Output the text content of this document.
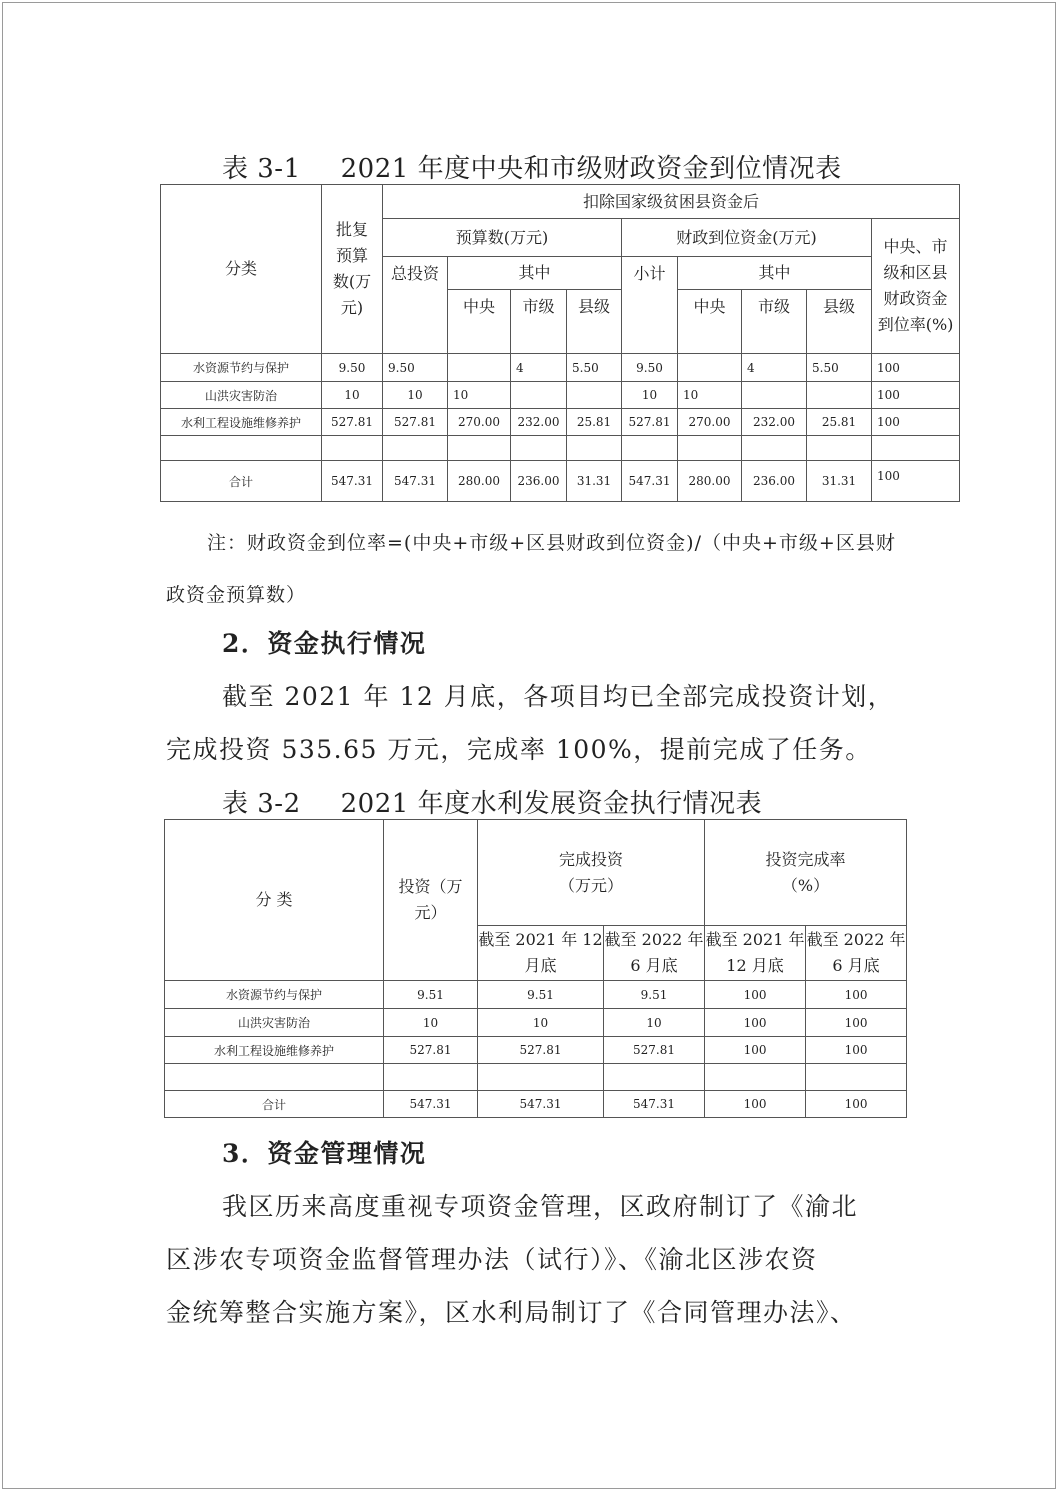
表 3-1 2021 年度中央和市级财政资金到位情况表
分类	批复预算数(万元)	扣除国家级贫困县资金后								
		预算数(万元)				财政到位资金(万元)				中央、市级和区县财政资金到位率(%)
		总投资	其中			小计	其中			
			中央	市级	县级		中央	市级	县级	
水资源节约与保护	9.50	9.50		4	5.50	9.50		4	5.50	100
山洪灾害防治	10	10	10			10	10			100
水利工程设施维修养护	527.81	527.81	270.00	232.00	25.81	527.81	270.00	232.00	25.81	100

合计	547.31	547.31	280.00	236.00	31.31	547.31	280.00	236.00	31.31	100
注：财政资金到位率=(中央+市级+区县财政到位资金)/（中央+市级+区县财
政资金预算数）
2．资金执行情况
截至 2021 年 12 月底，各项目均已全部完成投资计划，
完成投资 535.65 万元，完成率 100%，提前完成了任务。
表 3-2 2021 年度水利发展资金执行情况表
分 类	投资（万元）	完成投资（万元）		投资完成率（%）	
		截至 2021 年 12 月底	截至 2022 年 6 月底	截至 2021 年 12 月底	截至 2022 年 6 月底
水资源节约与保护	9.51	9.51	9.51	100	100
山洪灾害防治	10	10	10	100	100
水利工程设施维修养护	527.81	527.81	527.81	100	100

合计	547.31	547.31	547.31	100	100
3．资金管理情况
我区历来高度重视专项资金管理，区政府制订了《渝北
区涉农专项资金监督管理办法（试行）》、《渝北区涉农资
金统筹整合实施方案》，区水利局制订了《合同管理办法》、
